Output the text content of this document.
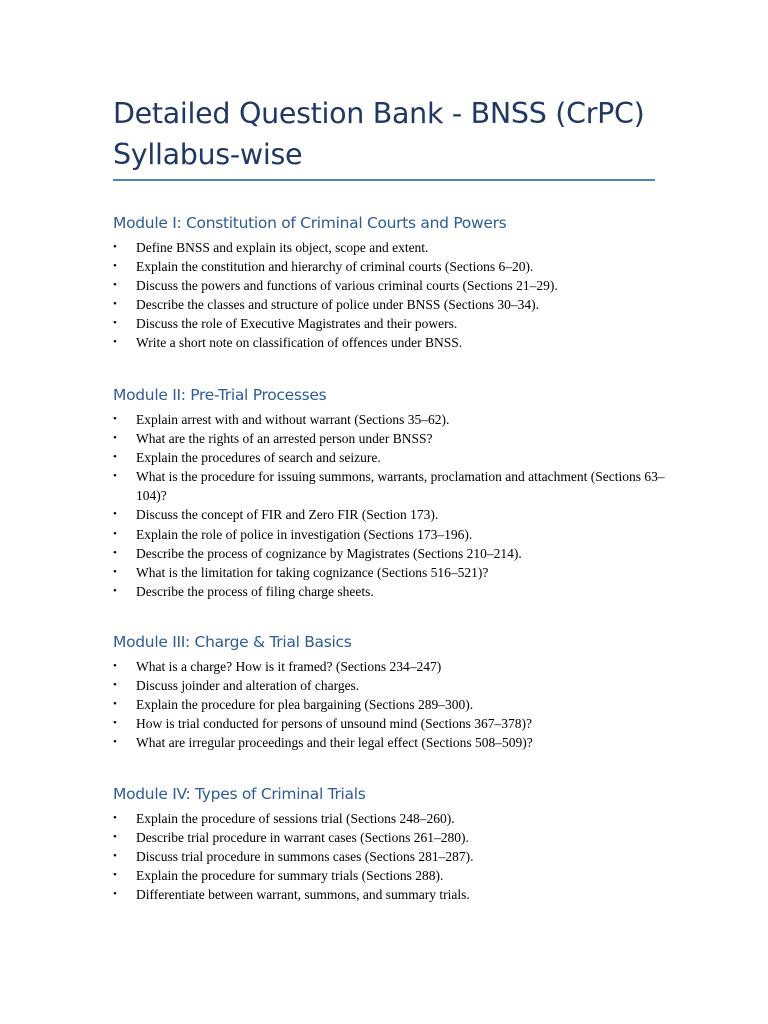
Detailed Question Bank - BNSS (CrPC) Syllabus-wise
Module I: Constitution of Criminal Courts and Powers
• Define BNSS and explain its object, scope and extent.
• Explain the constitution and hierarchy of criminal courts (Sections 6–20).
• Discuss the powers and functions of various criminal courts (Sections 21–29).
• Describe the classes and structure of police under BNSS (Sections 30–34).
• Discuss the role of Executive Magistrates and their powers.
• Write a short note on classification of offences under BNSS.
Module II: Pre-Trial Processes
• Explain arrest with and without warrant (Sections 35–62).
• What are the rights of an arrested person under BNSS?
• Explain the procedures of search and seizure.
• What is the procedure for issuing summons, warrants, proclamation and attachment (Sections 63–104)?
• Discuss the concept of FIR and Zero FIR (Section 173).
• Explain the role of police in investigation (Sections 173–196).
• Describe the process of cognizance by Magistrates (Sections 210–214).
• What is the limitation for taking cognizance (Sections 516–521)?
• Describe the process of filing charge sheets.
Module III: Charge & Trial Basics
• What is a charge? How is it framed? (Sections 234–247)
• Discuss joinder and alteration of charges.
• Explain the procedure for plea bargaining (Sections 289–300).
• How is trial conducted for persons of unsound mind (Sections 367–378)?
• What are irregular proceedings and their legal effect (Sections 508–509)?
Module IV: Types of Criminal Trials
• Explain the procedure of sessions trial (Sections 248–260).
• Describe trial procedure in warrant cases (Sections 261–280).
• Discuss trial procedure in summons cases (Sections 281–287).
• Explain the procedure for summary trials (Sections 288).
• Differentiate between warrant, summons, and summary trials.
